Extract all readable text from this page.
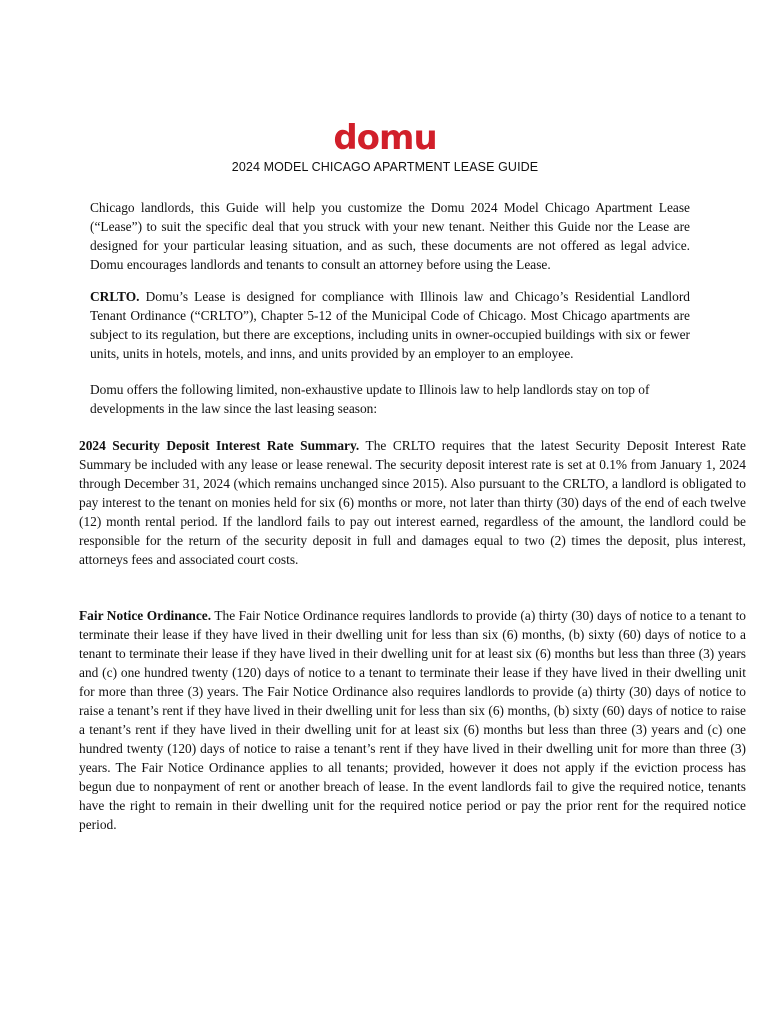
domu
2024 MODEL CHICAGO APARTMENT LEASE GUIDE

Chicago landlords, this Guide will help you customize the Domu 2024 Model Chicago Apartment Lease (“Lease”) to suit the specific deal that you struck with your new tenant. Neither this Guide nor the Lease are designed for your particular leasing situation, and as such, these documents are not offered as legal advice. Domu encourages landlords and tenants to consult an attorney before using the Lease.

CRLTO. Domu’s Lease is designed for compliance with Illinois law and Chicago’s Residential Landlord Tenant Ordinance (“CRLTO”), Chapter 5-12 of the Municipal Code of Chicago. Most Chicago apartments are subject to its regulation, but there are exceptions, including units in owner-occupied buildings with six or fewer units, units in hotels, motels, and inns, and units provided by an employer to an employee.

Domu offers the following limited, non-exhaustive update to Illinois law to help landlords stay on top of developments in the law since the last leasing season:

2024 Security Deposit Interest Rate Summary. The CRLTO requires that the latest Security Deposit Interest Rate Summary be included with any lease or lease renewal. The security deposit interest rate is set at 0.1% from January 1, 2024 through December 31, 2024 (which remains unchanged since 2015). Also pursuant to the CRLTO, a landlord is obligated to pay interest to the tenant on monies held for six (6) months or more, not later than thirty (30) days of the end of each twelve (12) month rental period. If the landlord fails to pay out interest earned, regardless of the amount, the landlord could be responsible for the return of the security deposit in full and damages equal to two (2) times the deposit, plus interest, attorneys fees and associated court costs.

Fair Notice Ordinance. The Fair Notice Ordinance requires landlords to provide (a) thirty (30) days of notice to a tenant to terminate their lease if they have lived in their dwelling unit for less than six (6) months, (b) sixty (60) days of notice to a tenant to terminate their lease if they have lived in their dwelling unit for at least six (6) months but less than three (3) years and (c) one hundred twenty (120) days of notice to a tenant to terminate their lease if they have lived in their dwelling unit for more than three (3) years. The Fair Notice Ordinance also requires landlords to provide (a) thirty (30) days of notice to raise a tenant’s rent if they have lived in their dwelling unit for less than six (6) months, (b) sixty (60) days of notice to raise a tenant’s rent if they have lived in their dwelling unit for at least six (6) months but less than three (3) years and (c) one hundred twenty (120) days of notice to raise a tenant’s rent if they have lived in their dwelling unit for more than three (3) years. The Fair Notice Ordinance applies to all tenants; provided, however it does not apply if the eviction process has begun due to nonpayment of rent or another breach of lease. In the event landlords fail to give the required notice, tenants have the right to remain in their dwelling unit for the required notice period or pay the prior rent for the required notice period.
